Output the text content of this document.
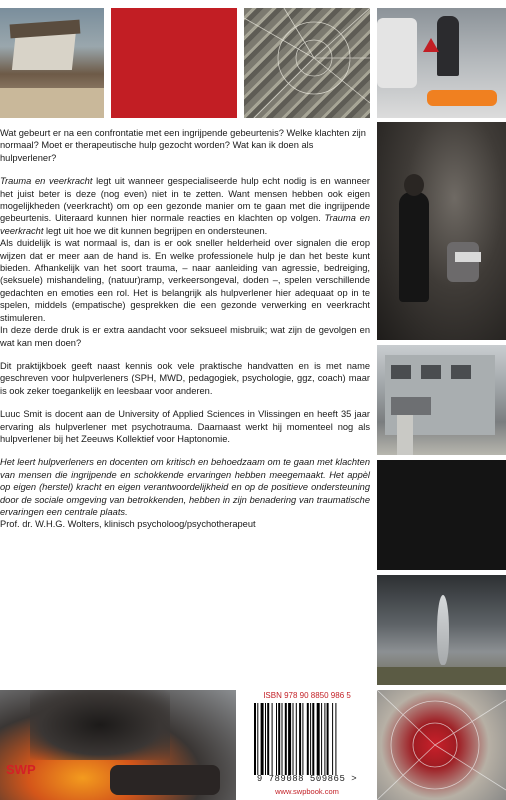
SWP

Wat gebeurt er na een confrontatie met een ingrijpende gebeurtenis? Welke klachten zijn normaal? Moet er therapeutische hulp gezocht worden? Wat kan ik doen als hulpverlener?

Trauma en veerkracht legt uit wanneer gespecialiseerde hulp echt nodig is en wanneer het juist beter is deze (nog even) niet in te zetten. Want mensen hebben ook eigen mogelijkheden (veerkracht) om op een gezonde manier om te gaan met die ingrijpende gebeurtenis. Uiteraard kunnen hier normale reacties en klachten op volgen. Trauma en veerkracht legt uit hoe we dit kunnen begrijpen en ondersteunen.

Als duidelijk is wat normaal is, dan is er ook sneller helderheid over signalen die erop wijzen dat er meer aan de hand is. En welke professionele hulp je dan het beste kunt bieden. Afhankelijk van het soort trauma, – naar aanleiding van agressie, bedreiging, (seksuele) mishandeling, (natuur)ramp, verkeersongeval, doden –, spelen verschillende gedachten en emoties een rol. Het is belangrijk als hulpverlener hier adequaat op in te spelen, middels (empatische) gesprekken die een gezonde verwerking en veerkracht stimuleren.

In deze derde druk is er extra aandacht voor seksueel misbruik; wat zijn de gevolgen en wat kan men doen?

Dit praktijkboek geeft naast kennis ook vele praktische handvatten en is met name geschreven voor hulpverleners (SPH, MWD, pedagogiek, psychologie, ggz, coach) maar is ook zeker toegankelijk en leesbaar voor anderen.

Luuc Smit is docent aan de University of Applied Sciences in Vlissingen en heeft 35 jaar ervaring als hulpverlener met psychotrauma. Daarnaast werkt hij momenteel nog als hulpverlener bij het Zeeuws Kollektief voor Haptonomie.

Het leert hulpverleners en docenten om kritisch en behoedzaam om te gaan met klachten van mensen die ingrijpende en schokkende ervaringen hebben meegemaakt. Het appèl op eigen (herstel) kracht en eigen verantwoordelijkheid en op de positieve ondersteuning door de sociale omgeving van betrokkenden, hebben in zijn benadering van traumatische ervaringen een centrale plaats.

Prof. dr. W.H.G. Wolters, klinisch psycholoog/psychotherapeut

ISBN 978 90 8850 986 5
9 789088 509865 >
www.swpbook.com
